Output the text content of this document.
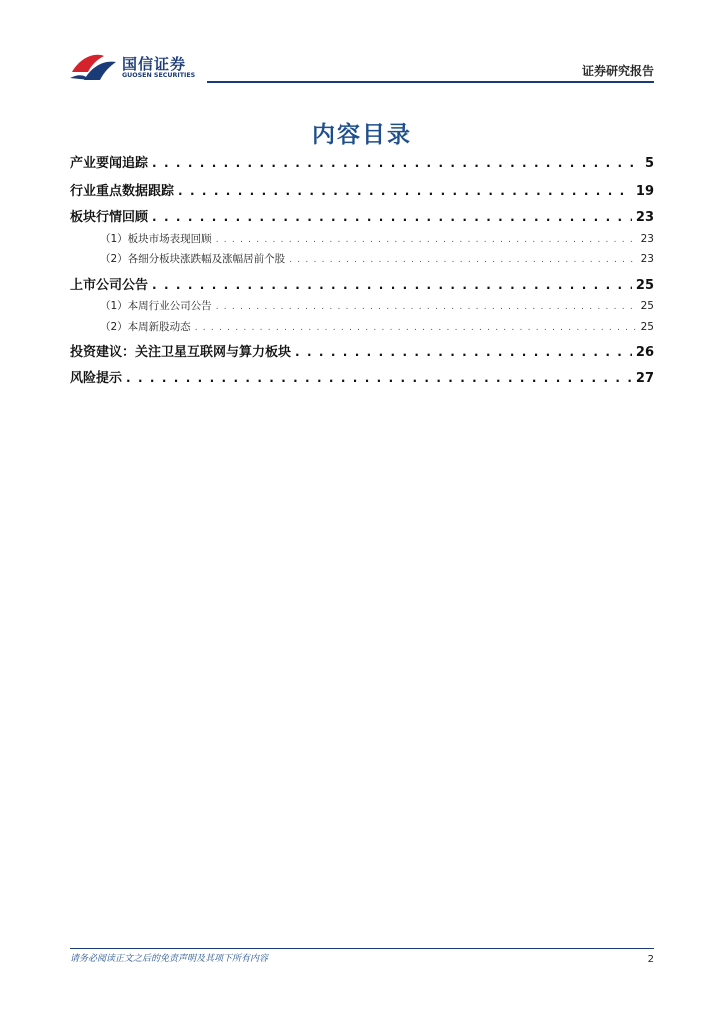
国信证券
GUOSEN SECURITIES	证券研究报告
内容目录
产业要闻追踪 . . .	5
行业重点数据跟踪 . . .	19
板块行情回顾 . . .	23
（1）板块市场表现回顾 . . .	23
（2）各细分板块涨跌幅及涨幅居前个股 . . .	23
上市公司公告 . . .	25
（1）本周行业公司公告 . . .	25
（2）本周新股动态 . . .	25
投资建议：关注卫星互联网与算力板块 . . .	26
风险提示 . . .	27
请务必阅读正文之后的免责声明及其项下所有内容	2
